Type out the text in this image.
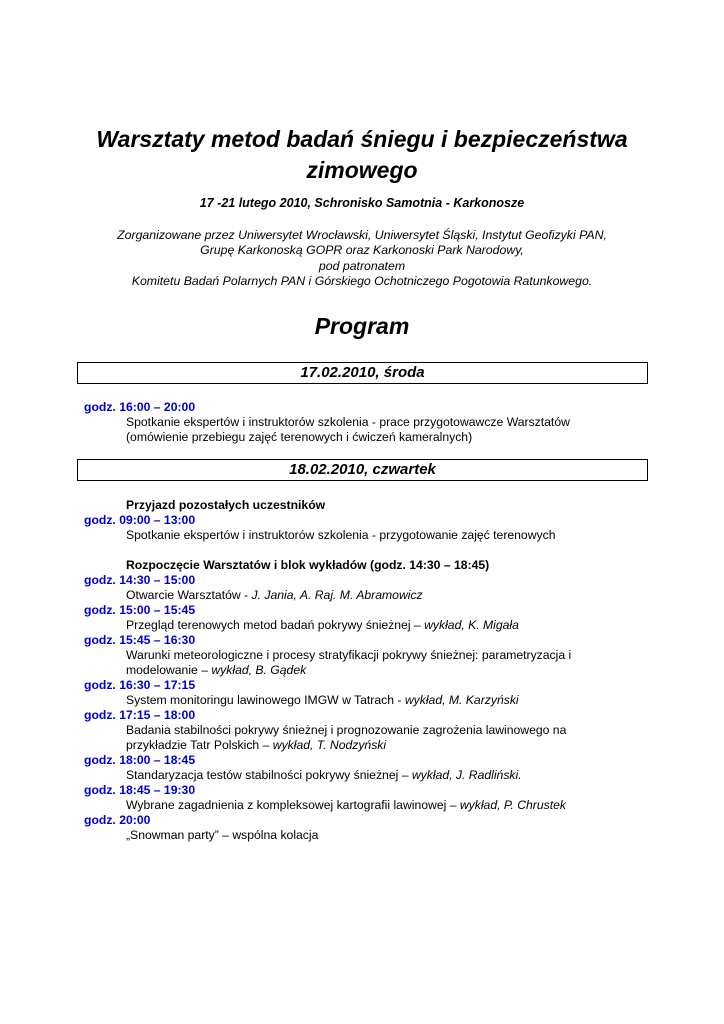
Warsztaty metod badań śniegu i bezpieczeństwa
zimowego
17 -21 lutego 2010, Schronisko Samotnia - Karkonosze
Zorganizowane przez Uniwersytet Wrocławski, Uniwersytet Śląski, Instytut Geofizyki PAN,
Grupę Karkonoską GOPR oraz Karkonoski Park Narodowy,
pod patronatem
Komitetu Badań Polarnych PAN i Górskiego Ochotniczego Pogotowia Ratunkowego.
Program
17.02.2010, środa
godz. 16:00 – 20:00
Spotkanie ekspertów i instruktorów szkolenia - prace przygotowawcze Warsztatów
(omówienie przebiegu zajęć terenowych i ćwiczeń kameralnych)
18.02.2010, czwartek
Przyjazd pozostałych uczestników
godz. 09:00 – 13:00
Spotkanie ekspertów i instruktorów szkolenia - przygotowanie zajęć terenowych
Rozpoczęcie Warsztatów i blok wykładów (godz. 14:30 – 18:45)
godz. 14:30 – 15:00
Otwarcie Warsztatów - J. Jania, A. Raj. M. Abramowicz
godz. 15:00 – 15:45
Przegląd terenowych metod badań pokrywy śnieżnej – wykład, K. Migała
godz. 15:45 – 16:30
Warunki meteorologiczne i procesy stratyfikacji pokrywy śnieżnej: parametryzacja i
modelowanie – wykład, B. Gądek
godz. 16:30 – 17:15
System monitoringu lawinowego IMGW w Tatrach - wykład, M. Karzyński
godz. 17:15 – 18:00
Badania stabilności pokrywy śnieżnej i prognozowanie zagrożenia lawinowego na
przykładzie Tatr Polskich – wykład, T. Nodzyński
godz. 18:00 – 18:45
Standaryzacja testów stabilności pokrywy śnieżnej – wykład, J. Radliński.
godz. 18:45 – 19:30
Wybrane zagadnienia z kompleksowej kartografii lawinowej – wykład, P. Chrustek
godz. 20:00
„Snowman party” – wspólna kolacja
